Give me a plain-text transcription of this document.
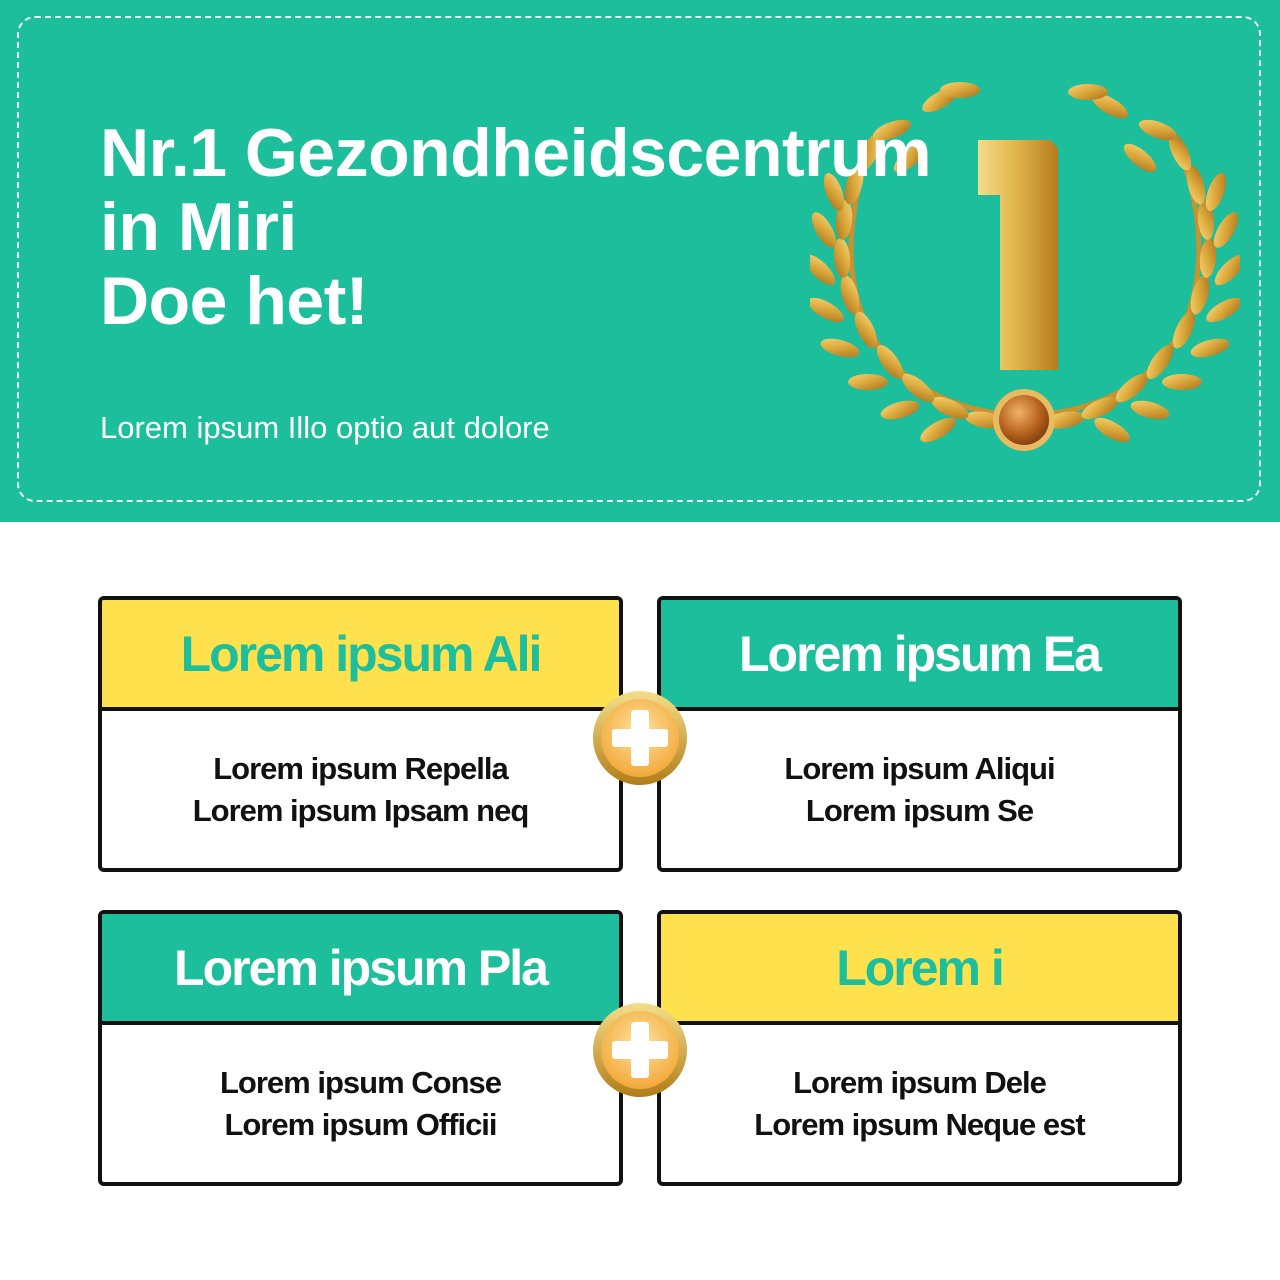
Nr.1 Gezondheidscentrum
in Miri
Doe het!
Lorem ipsum Illo optio aut dolore
Lorem ipsum Ali
Lorem ipsum Repella
Lorem ipsum Ipsam neq
Lorem ipsum Ea
Lorem ipsum Aliqui
Lorem ipsum Se
Lorem ipsum Pla
Lorem ipsum Conse
Lorem ipsum Officii
Lorem i
Lorem ipsum Dele
Lorem ipsum Neque est
